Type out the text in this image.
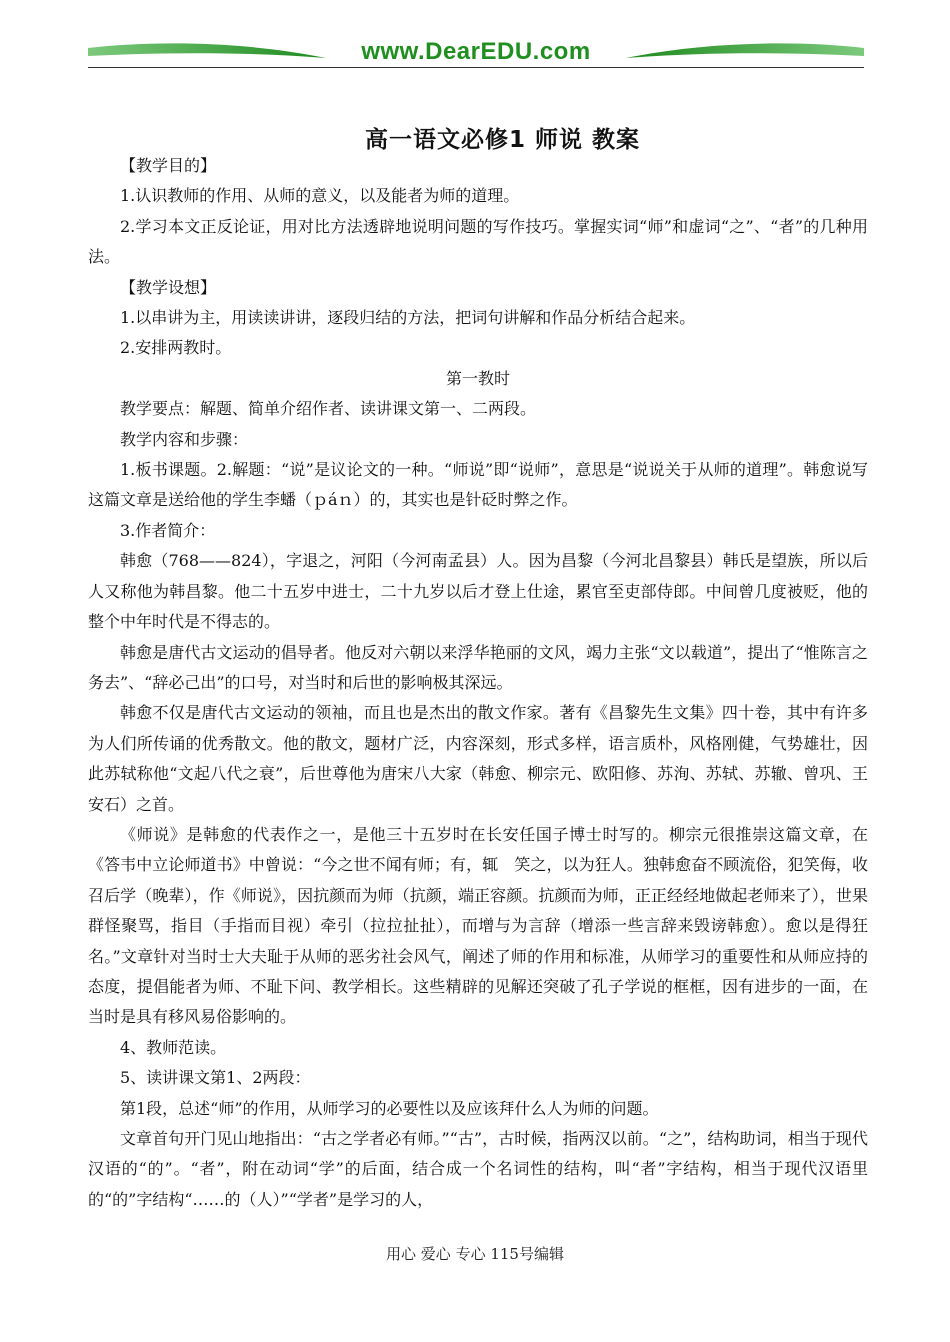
www.DearEDU.com
高一语文必修1 师说 教案

【教学目的】

1.认识教师的作用、从师的意义，以及能者为师的道理。

2.学习本文正反论证，用对比方法透辟地说明问题的写作技巧。掌握实词“师”和虚词“之”、“者”的几种用法。

【教学设想】

1.以串讲为主，用读读讲讲，逐段归结的方法，把词句讲解和作品分析结合起来。

2.安排两教时。

第一教时

教学要点：解题、简单介绍作者、读讲课文第一、二两段。

教学内容和步骤：

1.板书课题。2.解题：“说”是议论文的一种。“师说”即“说师”，意思是“说说关于从师的道理”。韩愈说写这篇文章是送给他的学生李蟠（ｐáｎ）的，其实也是针砭时弊之作。

3.作者简介：

韩愈（768——824），字退之，河阳（今河南孟县）人。因为昌黎（今河北昌黎县）韩氏是望族，所以后人又称他为韩昌黎。他二十五岁中进士，二十九岁以后才登上仕途，累官至吏部侍郎。中间曾几度被贬，他的整个中年时代是不得志的。

韩愈是唐代古文运动的倡导者。他反对六朝以来浮华艳丽的文风，竭力主张“文以载道”，提出了“惟陈言之务去”、“辞必己出”的口号，对当时和后世的影响极其深远。

韩愈不仅是唐代古文运动的领袖，而且也是杰出的散文作家。著有《昌黎先生文集》四十卷，其中有许多为人们所传诵的优秀散文。他的散文，题材广泛，内容深刻，形式多样，语言质朴，风格刚健，气势雄壮，因此苏轼称他“文起八代之衰”，后世尊他为唐宋八大家（韩愈、柳宗元、欧阳修、苏洵、苏轼、苏辙、曾巩、王安石）之首。

《师说》是韩愈的代表作之一，是他三十五岁时在长安任国子博士时写的。柳宗元很推崇这篇文章，在《答韦中立论师道书》中曾说：“今之世不闻有师；有，辄　笑之，以为狂人。独韩愈奋不顾流俗，犯笑侮，收召后学（晚辈），作《师说》，因抗颜而为师（抗颜，端正容颜。抗颜而为师，正正经经地做起老师来了），世果群怪聚骂，指目（手指而目视）牵引（拉拉扯扯），而增与为言辞（增添一些言辞来毁谤韩愈）。愈以是得狂名。”文章针对当时士大夫耻于从师的恶劣社会风气，阐述了师的作用和标准，从师学习的重要性和从师应持的态度，提倡能者为师、不耻下问、教学相长。这些精辟的见解还突破了孔子学说的框框，因有进步的一面，在当时是具有移风易俗影响的。

4、教师范读。

5、读讲课文第1、2两段：

第1段，总述“师”的作用，从师学习的必要性以及应该拜什么人为师的问题。

文章首句开门见山地指出：“古之学者必有师。”“古”，古时候，指两汉以前。“之”，结构助词，相当于现代汉语的“的”。“者”，附在动词“学”的后面，结合成一个名词性的结构，叫“者”字结构，相当于现代汉语里的“的”字结构“……的（人）”“学者”是学习的人，

用心 爱心 专心 115号编辑
